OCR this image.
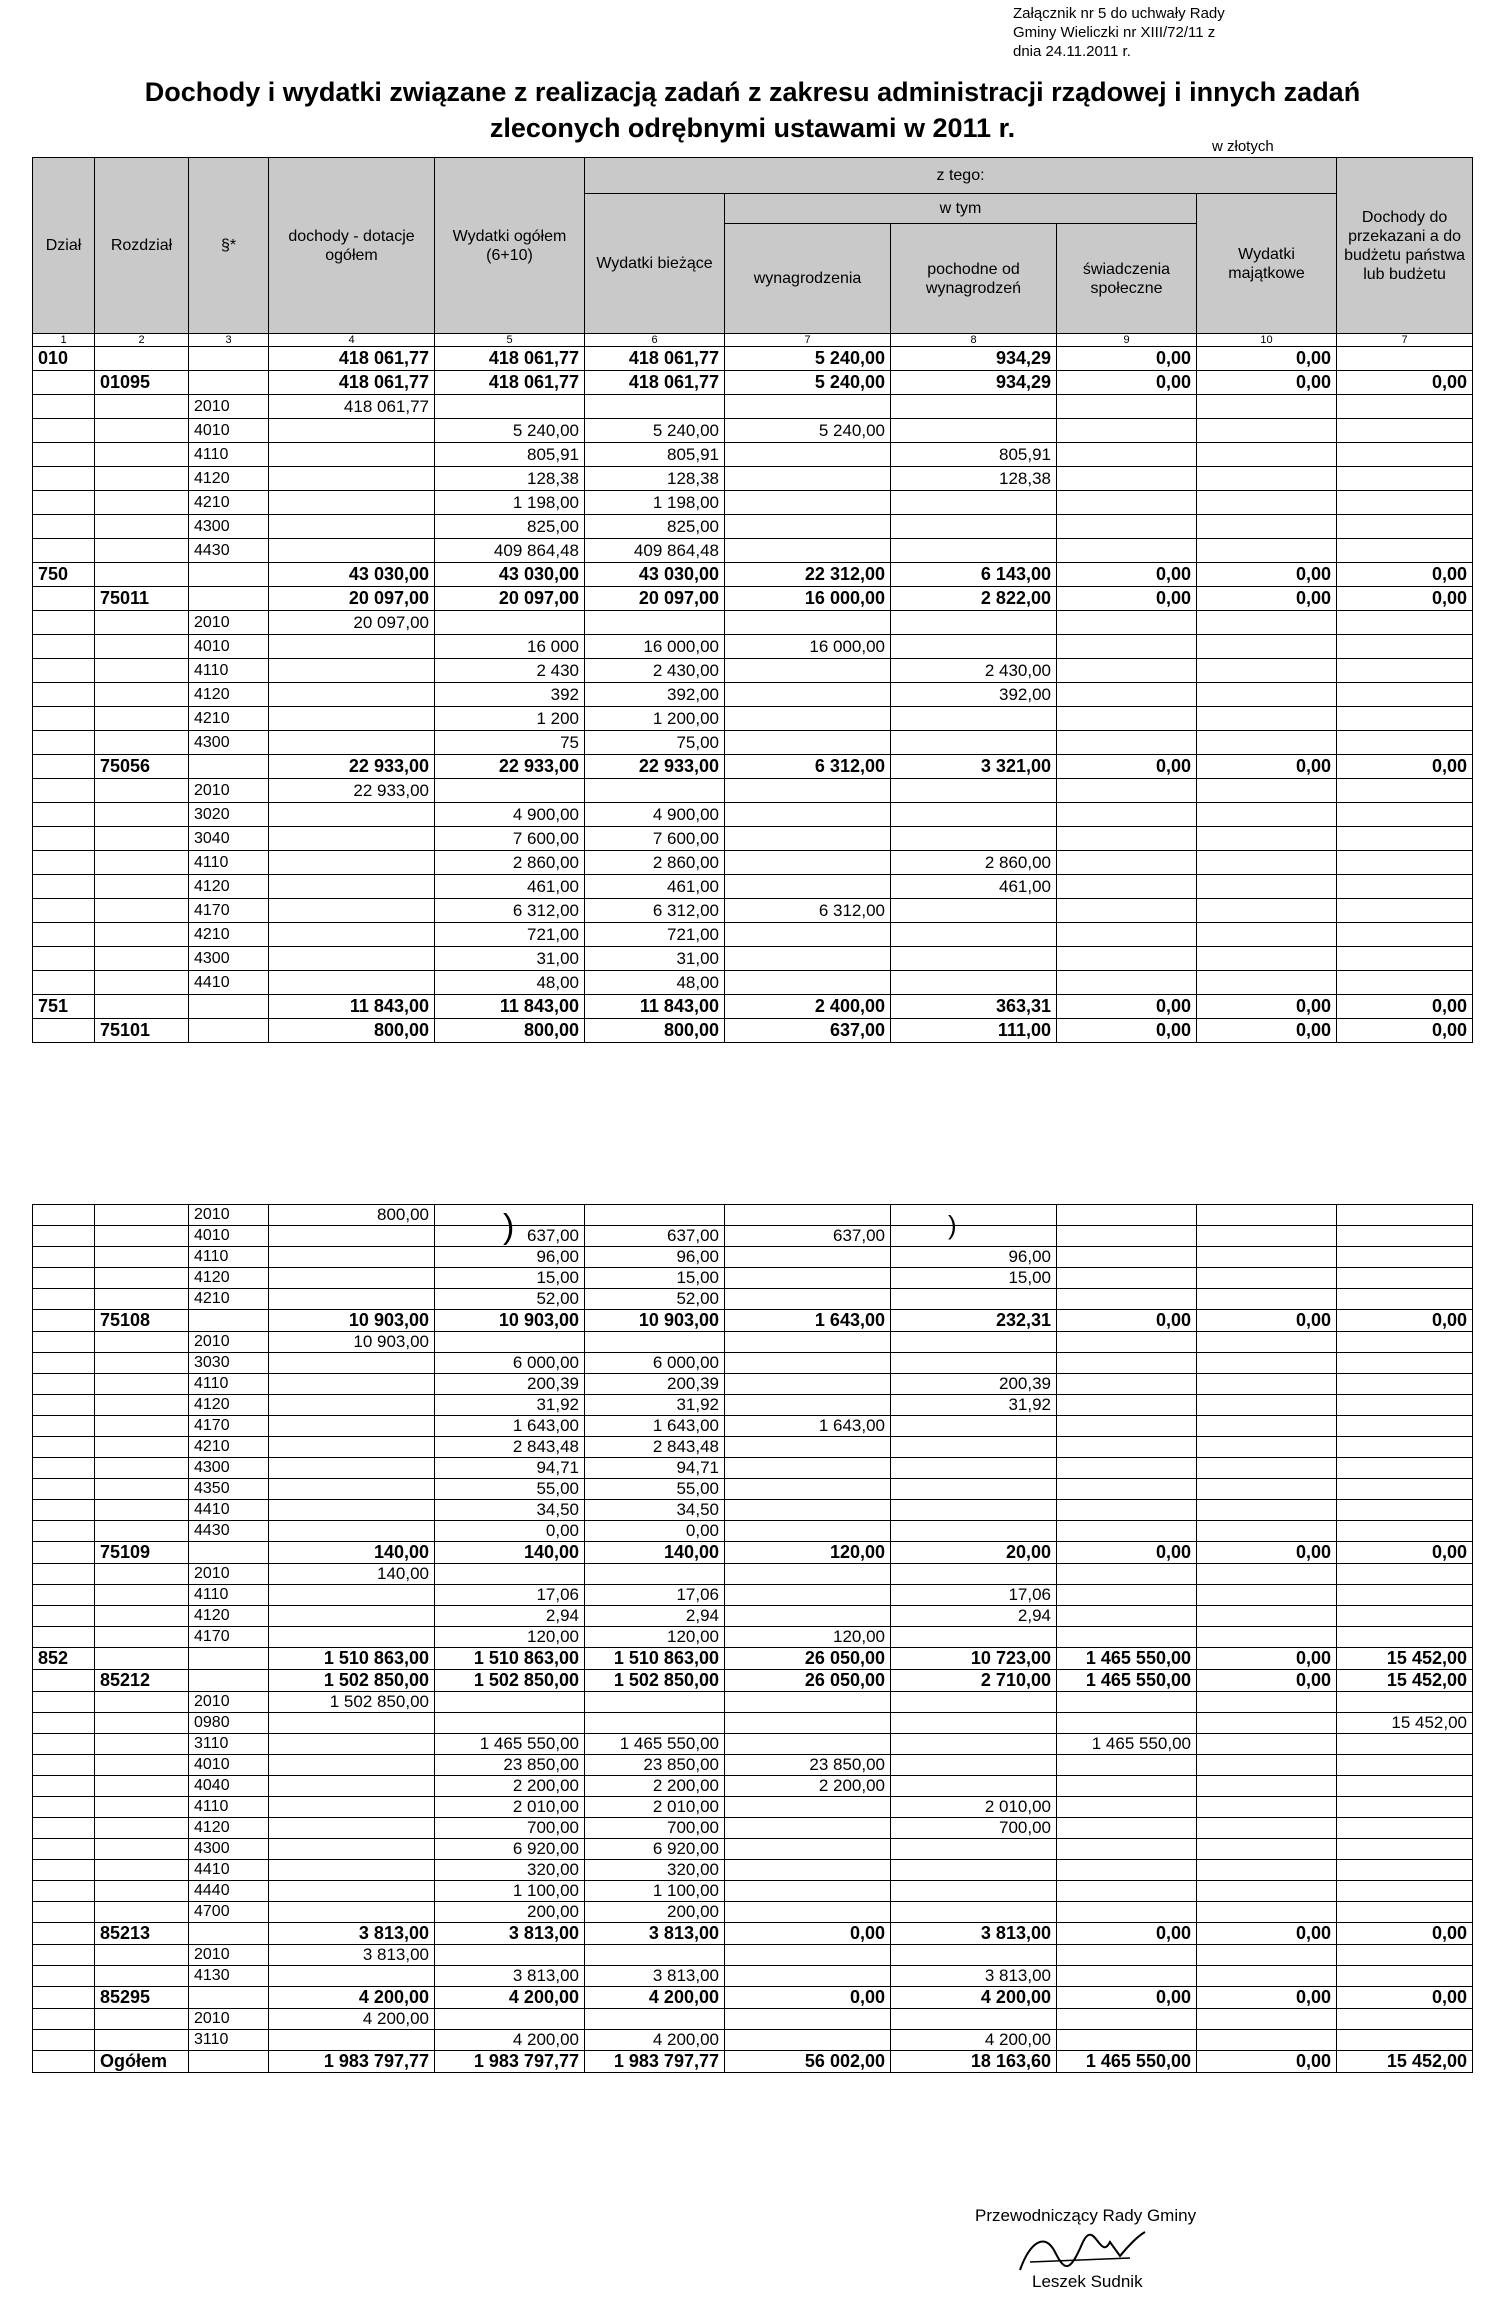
Załącznik nr 5 do uchwały Rady
Gminy Wieliczki nr XIII/72/11 z
dnia 24.11.2011 r.
Dochody i wydatki związane z realizacją zadań z zakresu administracji rządowej i innych zadań
zleconych odrębnymi ustawami w 2011 r.
w złotych
Dział	Rozdział	§*	dochody - dotacje ogółem	Wydatki ogółem (6+10)	z tego:					Dochody do przekazani a do budżetu państwa lub budżetu
					Wydatki bieżące	w tym			Wydatki majątkowe	
						wynagrodzenia	pochodne od wynagrodzeń	świadczenia społeczne		
1	2	3	4	5	6	7	8	9	10	7
010			418 061,77	418 061,77	418 061,77	5 240,00	934,29	0,00	0,00	
	01095		418 061,77	418 061,77	418 061,77	5 240,00	934,29	0,00	0,00	0,00
		2010	418 061,77							
		4010		5 240,00	5 240,00	5 240,00				
		4110		805,91	805,91		805,91			
		4120		128,38	128,38		128,38			
		4210		1 198,00	1 198,00					
		4300		825,00	825,00					
		4430		409 864,48	409 864,48					
750			43 030,00	43 030,00	43 030,00	22 312,00	6 143,00	0,00	0,00	0,00
	75011		20 097,00	20 097,00	20 097,00	16 000,00	2 822,00	0,00	0,00	0,00
		2010	20 097,00							
		4010		16 000	16 000,00	16 000,00				
		4110		2 430	2 430,00		2 430,00			
		4120		392	392,00		392,00			
		4210		1 200	1 200,00					
		4300		75	75,00					
	75056		22 933,00	22 933,00	22 933,00	6 312,00	3 321,00	0,00	0,00	0,00
		2010	22 933,00							
		3020		4 900,00	4 900,00					
		3040		7 600,00	7 600,00					
		4110		2 860,00	2 860,00		2 860,00			
		4120		461,00	461,00		461,00			
		4170		6 312,00	6 312,00	6 312,00				
		4210		721,00	721,00					
		4300		31,00	31,00					
		4410		48,00	48,00					
751			11 843,00	11 843,00	11 843,00	2 400,00	363,31	0,00	0,00	0,00
	75101		800,00	800,00	800,00	637,00	111,00	0,00	0,00	0,00
		2010	800,00							
		4010		637,00	637,00	637,00				
		4110		96,00	96,00		96,00			
		4120		15,00	15,00		15,00			
		4210		52,00	52,00					
	75108		10 903,00	10 903,00	10 903,00	1 643,00	232,31	0,00	0,00	0,00
		2010	10 903,00							
		3030		6 000,00	6 000,00					
		4110		200,39	200,39		200,39			
		4120		31,92	31,92		31,92			
		4170		1 643,00	1 643,00	1 643,00				
		4210		2 843,48	2 843,48					
		4300		94,71	94,71					
		4350		55,00	55,00					
		4410		34,50	34,50					
		4430		0,00	0,00					
	75109		140,00	140,00	140,00	120,00	20,00	0,00	0,00	0,00
		2010	140,00							
		4110		17,06	17,06		17,06			
		4120		2,94	2,94		2,94			
		4170		120,00	120,00	120,00				
852			1 510 863,00	1 510 863,00	1 510 863,00	26 050,00	10 723,00	1 465 550,00	0,00	15 452,00
	85212		1 502 850,00	1 502 850,00	1 502 850,00	26 050,00	2 710,00	1 465 550,00	0,00	15 452,00
		2010	1 502 850,00							
		0980								15 452,00
		3110		1 465 550,00	1 465 550,00			1 465 550,00		
		4010		23 850,00	23 850,00	23 850,00				
		4040		2 200,00	2 200,00	2 200,00				
		4110		2 010,00	2 010,00		2 010,00			
		4120		700,00	700,00		700,00			
		4300		6 920,00	6 920,00					
		4410		320,00	320,00					
		4440		1 100,00	1 100,00					
		4700		200,00	200,00					
	85213		3 813,00	3 813,00	3 813,00	0,00	3 813,00	0,00	0,00	0,00
		2010	3 813,00							
		4130		3 813,00	3 813,00		3 813,00			
	85295		4 200,00	4 200,00	4 200,00	0,00	4 200,00	0,00	0,00	0,00
		2010	4 200,00							
		3110		4 200,00	4 200,00		4 200,00			
	Ogółem		1 983 797,77	1 983 797,77	1 983 797,77	56 002,00	18 163,60	1 465 550,00	0,00	15 452,00
)	)
Przewodniczący Rady Gminy
Leszek Sudnik
